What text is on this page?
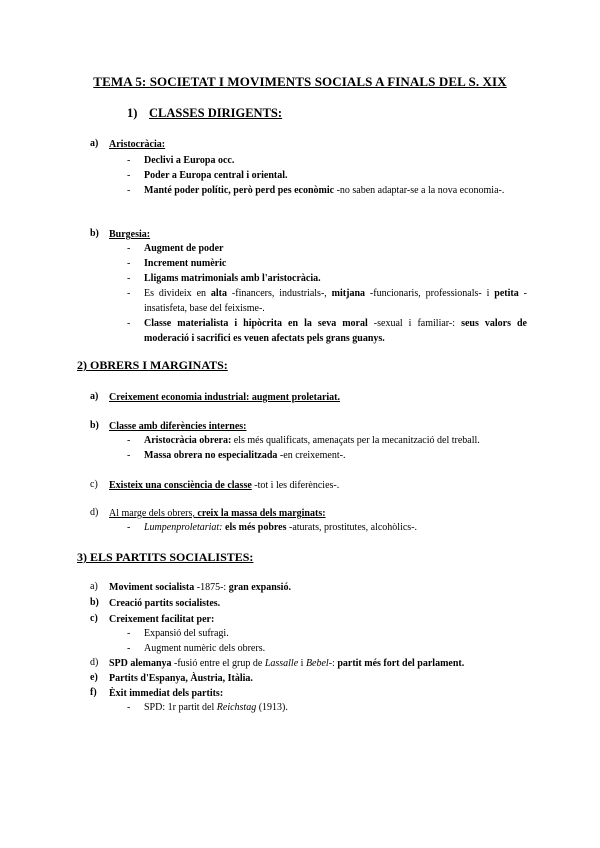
TEMA 5: SOCIETAT I MOVIMENTS SOCIALS A FINALS DEL S. XIX
1) CLASSES DIRIGENTS:
a)	Aristocràcia:
- Declivi a Europa occ.
- Poder a Europa central i oriental.
- Manté poder polític, però perd pes econòmic -no saben adaptar-se a la nova economia-.
b)	Burgesia:
- Augment de poder
- Increment numèric
- Lligams matrimonials amb l'aristocràcia.
- Es divideix en alta -financers, industrials-, mitjana -funcionaris, professionals- i petita -insatisfeta, base del feixisme-.
- Classe materialista i hipòcrita en la seva moral -sexual i familiar-: seus valors de moderació i sacrifici es veuen afectats pels grans guanys.
2) OBRERS I MARGINATS:
a)	Creixement economia industrial: augment proletariat.
b)	Classe amb diferències internes:
- Aristocràcia obrera: els més qualificats, amenaçats per la mecanització del treball.
- Massa obrera no especialitzada -en creixement-.
c)	Existeix una consciència de classe -tot i les diferències-.
d)	Al marge dels obrers, creix la massa dels marginats:
- Lumpenproletariat: els més pobres -aturats, prostitutes, alcohòlics-.
3) ELS PARTITS SOCIALISTES:
a)	Moviment socialista -1875-: gran expansió.
b)	Creació partits socialistes.
c)	Creixement facilitat per:
- Expansió del sufragi.
- Augment numèric dels obrers.
d)	SPD alemanya -fusió entre el grup de Lassalle i Bebel-: partit més fort del parlament.
e)	Partits d'Espanya, Àustria, Itàlia.
f)	Èxit immediat dels partits:
- SPD: 1r partit del Reichstag (1913).
